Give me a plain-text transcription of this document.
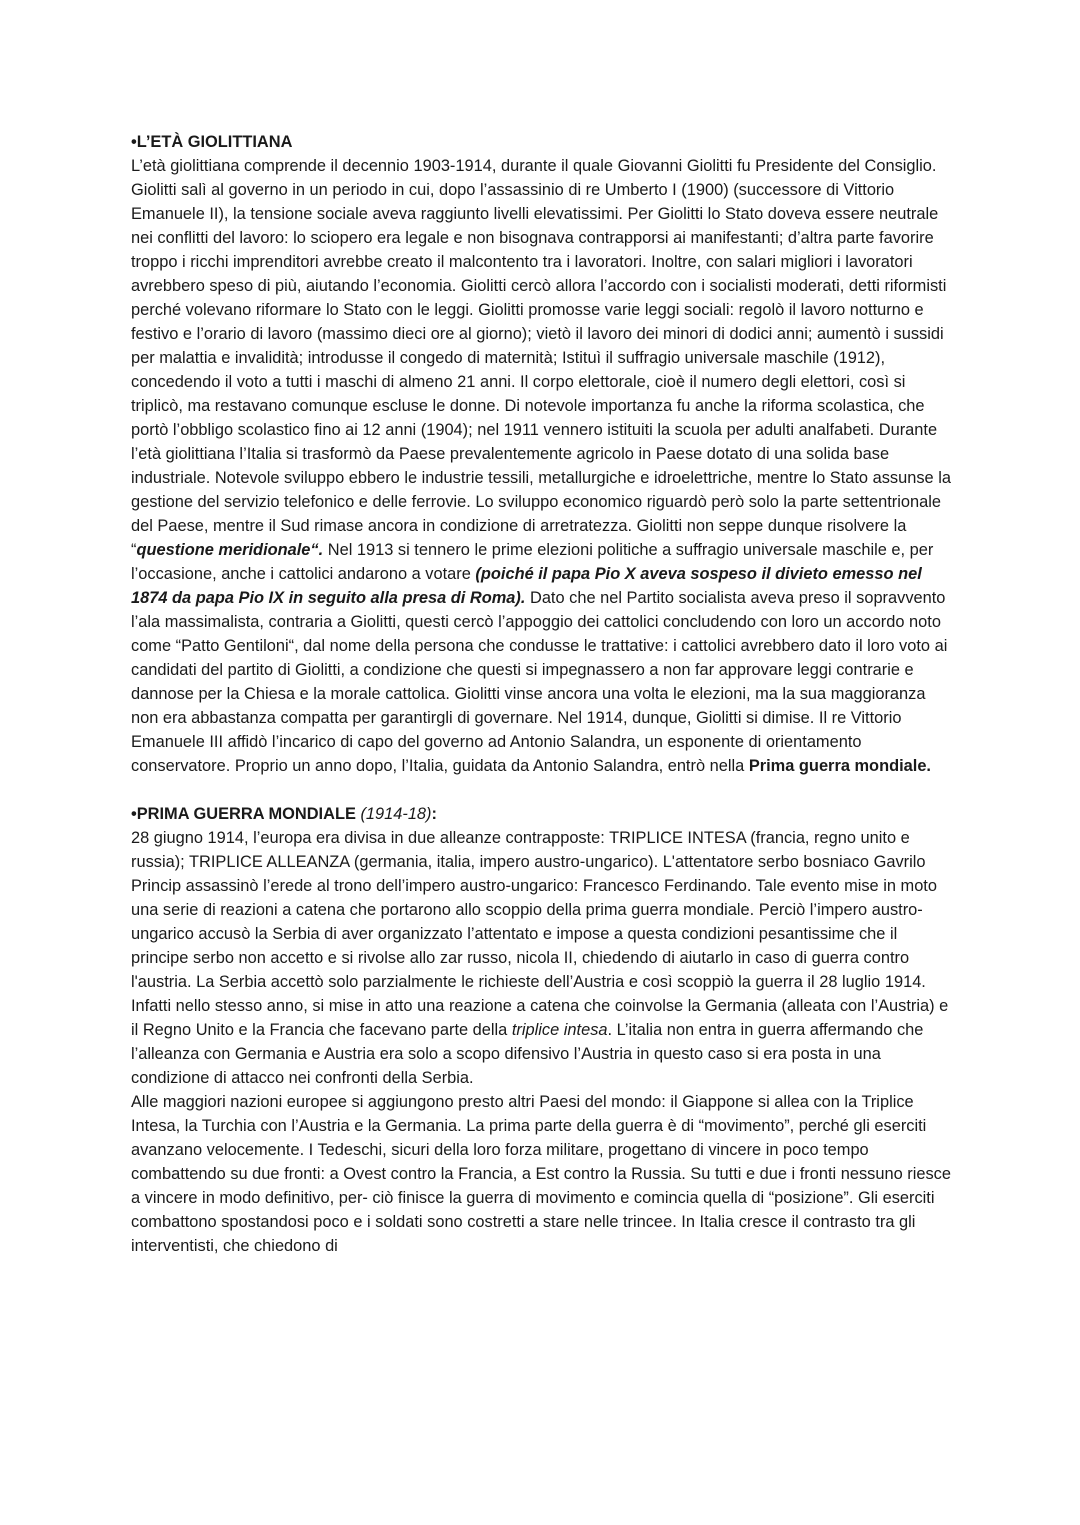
•L’ETÀ GIOLITTIANA

L’età giolittiana comprende il decennio 1903-1914, durante il quale Giovanni Giolitti fu Presidente del Consiglio. Giolitti salì al governo in un periodo in cui, dopo l’assassinio di re Umberto I (1900) (successore di Vittorio Emanuele II), la tensione sociale aveva raggiunto livelli elevatissimi. Per Giolitti lo Stato doveva essere neutrale nei conflitti del lavoro: lo sciopero era legale e non bisognava contrapporsi ai manifestanti; d’altra parte favorire troppo i ricchi imprenditori avrebbe creato il malcontento tra i lavoratori. Inoltre, con salari migliori i lavoratori avrebbero speso di più, aiutando l’economia. Giolitti cercò allora l’accordo con i socialisti moderati, detti riformisti perché volevano riformare lo Stato con le leggi. Giolitti promosse varie leggi sociali: regolò il lavoro notturno e festivo e l’orario di lavoro (massimo dieci ore al giorno); vietò il lavoro dei minori di dodici anni; aumentò i sussidi per malattia e invalidità; introdusse il congedo di maternità; Istituì il suffragio universale maschile (1912), concedendo il voto a tutti i maschi di almeno 21 anni. Il corpo elettorale, cioè il numero degli elettori, così si triplicò, ma restavano comunque escluse le donne. Di notevole importanza fu anche la riforma scolastica, che portò l’obbligo scolastico fino ai 12 anni (1904); nel 1911 vennero istituiti la scuola per adulti analfabeti. Durante l’età giolittiana l’Italia si trasformò da Paese prevalentemente agricolo in Paese dotato di una solida base industriale. Notevole sviluppo ebbero le industrie tessili, metallurgiche e idroelettriche, mentre lo Stato assunse la gestione del servizio telefonico e delle ferrovie. Lo sviluppo economico riguardò però solo la parte settentrionale del Paese, mentre il Sud rimase ancora in condizione di arretratezza. Giolitti non seppe dunque risolvere la “questione meridionale“. Nel 1913 si tennero le prime elezioni politiche a suffragio universale maschile e, per l’occasione, anche i cattolici andarono a votare (poiché il papa Pio X aveva sospeso il divieto emesso nel 1874 da papa Pio IX in seguito alla presa di Roma). Dato che nel Partito socialista aveva preso il sopravvento l’ala massimalista, contraria a Giolitti, questi cercò l’appoggio dei cattolici concludendo con loro un accordo noto come “Patto Gentiloni“, dal nome della persona che condusse le trattative: i cattolici avrebbero dato il loro voto ai candidati del partito di Giolitti, a condizione che questi si impegnassero a non far approvare leggi contrarie e dannose per la Chiesa e la morale cattolica. Giolitti vinse ancora una volta le elezioni, ma la sua maggioranza non era abbastanza compatta per garantirgli di governare. Nel 1914, dunque, Giolitti si dimise. Il re Vittorio Emanuele III affidò l’incarico di capo del governo ad Antonio Salandra, un esponente di orientamento conservatore. Proprio un anno dopo, l’Italia, guidata da Antonio Salandra, entrò nella Prima guerra mondiale.

•PRIMA GUERRA MONDIALE (1914-18):

28 giugno 1914, l’europa era divisa in due alleanze contrapposte: TRIPLICE INTESA (francia, regno unito e russia); TRIPLICE ALLEANZA (germania, italia, impero austro-ungarico). L'attentatore serbo bosniaco Gavrilo Princip assassinò l’erede al trono dell’impero austro-ungarico: Francesco Ferdinando. Tale evento mise in moto una serie di reazioni a catena che portarono allo scoppio della prima guerra mondiale. Perciò l’impero austro-ungarico accusò la Serbia di aver organizzato l’attentato e impose a questa condizioni pesantissime che il principe serbo non accetto e si rivolse allo zar russo, nicola II, chiedendo di aiutarlo in caso di guerra contro l'austria. La Serbia accettò solo parzialmente le richieste dell’Austria e così scoppiò la guerra il 28 luglio 1914. Infatti nello stesso anno, si mise in atto una reazione a catena che coinvolse la Germania (alleata con l’Austria) e il Regno Unito e la Francia che facevano parte della triplice intesa. L’italia non entra in guerra affermando che l’alleanza con Germania e Austria era solo a scopo difensivo l’Austria in questo caso si era posta in una condizione di attacco nei confronti della Serbia.

Alle maggiori nazioni europee si aggiungono presto altri Paesi del mondo: il Giappone si allea con la Triplice Intesa, la Turchia con l’Austria e la Germania. La prima parte della guerra è di “movimento”, perché gli eserciti avanzano velocemente. I Tedeschi, sicuri della loro forza militare, progettano di vincere in poco tempo combattendo su due fronti: a Ovest contro la Francia, a Est contro la Russia. Su tutti e due i fronti nessuno riesce a vincere in modo definitivo, per- ciò finisce la guerra di movimento e comincia quella di “posizione”. Gli eserciti combattono spostandosi poco e i soldati sono costretti a stare nelle trincee. In Italia cresce il contrasto tra gli interventisti, che chiedono di
